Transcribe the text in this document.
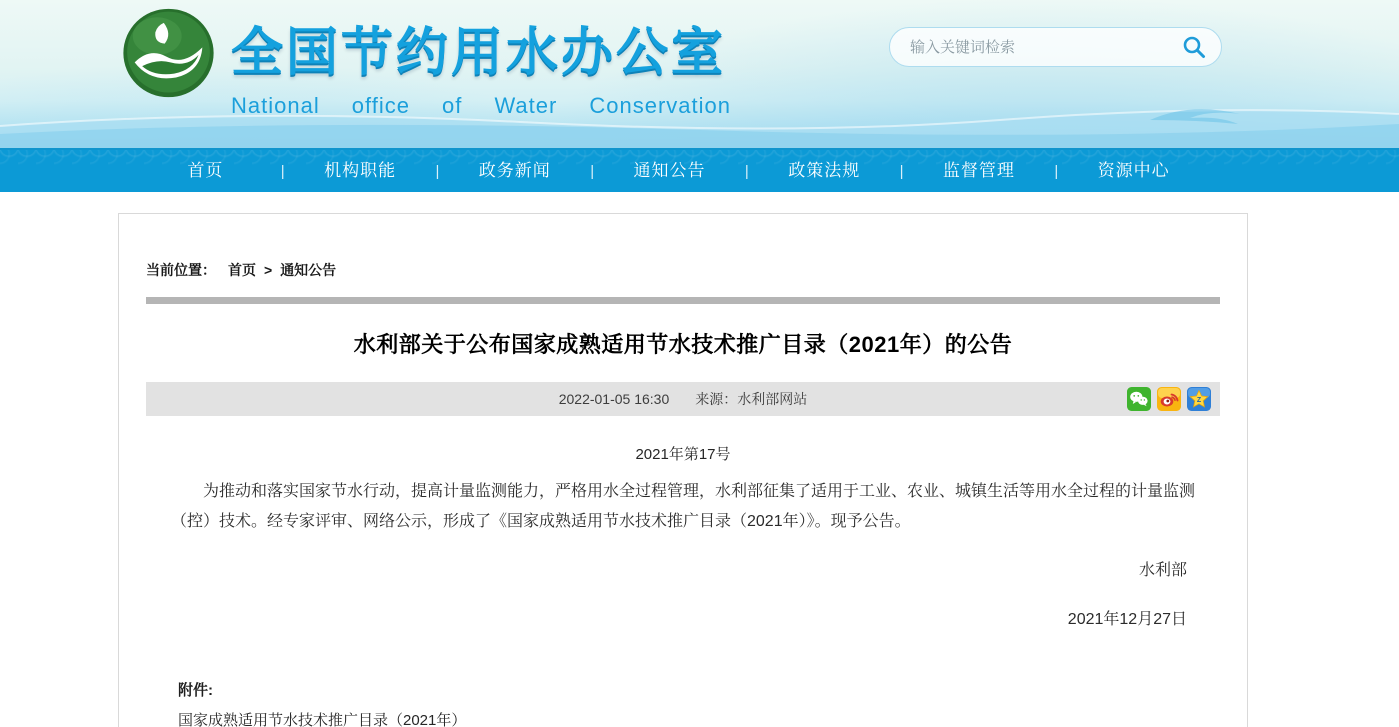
全国节约用水办公室
National office of Water Conservation
输入关键词检索
首页	|	机构职能	|	政务新闻	|	通知公告	|	政策法规	|	监督管理	|	资源中心
当前位置： 首页 > 通知公告
水利部关于公布国家成熟适用节水技术推广目录（2021年）的公告
2022-01-05 16:30 来源：水利部网站	Z
2021年第17号

为推动和落实国家节水行动，提高计量监测能力，严格用水全过程管理，水利部征集了适用于工业、农业、城镇生活等用水全过程的计量监测（控）技术。经专家评审、网络公示，形成了《国家成熟适用节水技术推广目录（2021年）》。现予公告。

水利部
2021年12月27日
附件:
国家成熟适用节水技术推广目录（2021年）
